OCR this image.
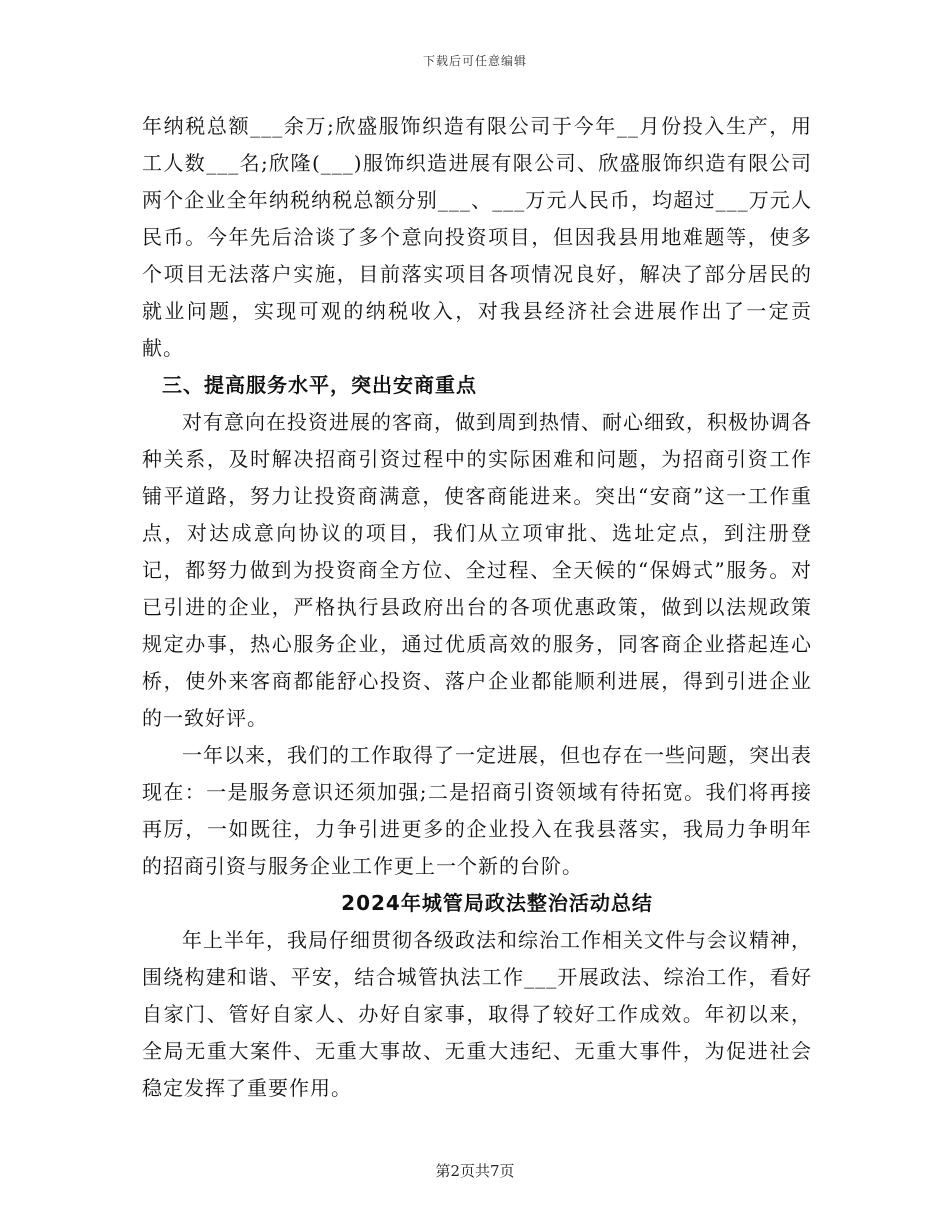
下载后可任意编辑

年纳税总额___余万;欣盛服饰织造有限公司于今年__月份投入生产，用工人数___名;欣隆(___)服饰织造进展有限公司、欣盛服饰织造有限公司两个企业全年纳税纳税总额分别___、___万元人民币，均超过___万元人民币。今年先后洽谈了多个意向投资项目，但因我县用地难题等，使多个项目无法落户实施，目前落实项目各项情况良好，解决了部分居民的就业问题，实现可观的纳税收入，对我县经济社会进展作出了一定贡献。

三、提高服务水平，突出安商重点

对有意向在投资进展的客商，做到周到热情、耐心细致，积极协调各种关系，及时解决招商引资过程中的实际困难和问题，为招商引资工作铺平道路，努力让投资商满意，使客商能进来。突出“安商”这一工作重点，对达成意向协议的项目，我们从立项审批、选址定点，到注册登记，都努力做到为投资商全方位、全过程、全天候的“保姆式”服务。对已引进的企业，严格执行县政府出台的各项优惠政策，做到以法规政策规定办事，热心服务企业，通过优质高效的服务，同客商企业搭起连心桥，使外来客商都能舒心投资、落户企业都能顺利进展，得到引进企业的一致好评。

一年以来，我们的工作取得了一定进展，但也存在一些问题，突出表现在：一是服务意识还须加强;二是招商引资领域有待拓宽。我们将再接再厉，一如既往，力争引进更多的企业投入在我县落实，我局力争明年的招商引资与服务企业工作更上一个新的台阶。

2024年城管局政法整治活动总结

年上半年，我局仔细贯彻各级政法和综治工作相关文件与会议精神，围绕构建和谐、平安，结合城管执法工作___开展政法、综治工作，看好自家门、管好自家人、办好自家事，取得了较好工作成效。年初以来，全局无重大案件、无重大事故、无重大违纪、无重大事件，为促进社会稳定发挥了重要作用。

第2页共7页
